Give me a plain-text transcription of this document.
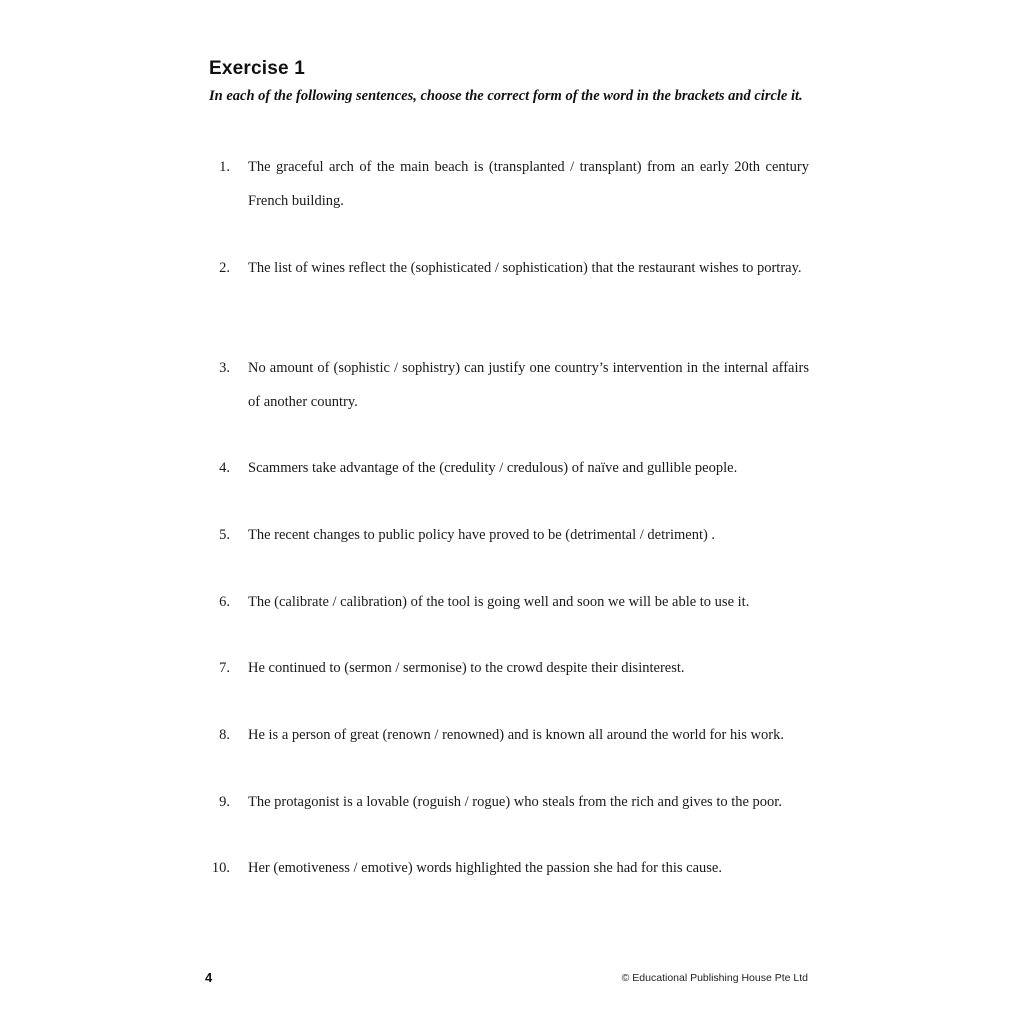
Exercise 1

In each of the following sentences, choose the correct form of the word in the brackets and circle it.

1. The graceful arch of the main beach is (transplanted / transplant) from an early 20th century French building.
2. The list of wines reflect the (sophisticated / sophistication) that the restaurant wishes to portray.
3. No amount of (sophistic / sophistry) can justify one country’s intervention in the internal affairs of another country.
4. Scammers take advantage of the (credulity / credulous) of naïve and gullible people.
5. The recent changes to public policy have proved to be (detrimental / detriment) .
6. The (calibrate / calibration) of the tool is going well and soon we will be able to use it.
7. He continued to (sermon / sermonise) to the crowd despite their disinterest.
8. He is a person of great (renown / renowned) and is known all around the world for his work.
9. The protagonist is a lovable (roguish / rogue) who steals from the rich and gives to the poor.
10. Her (emotiveness / emotive) words highlighted the passion she had for this cause.
4	© Educational Publishing House Pte Ltd
